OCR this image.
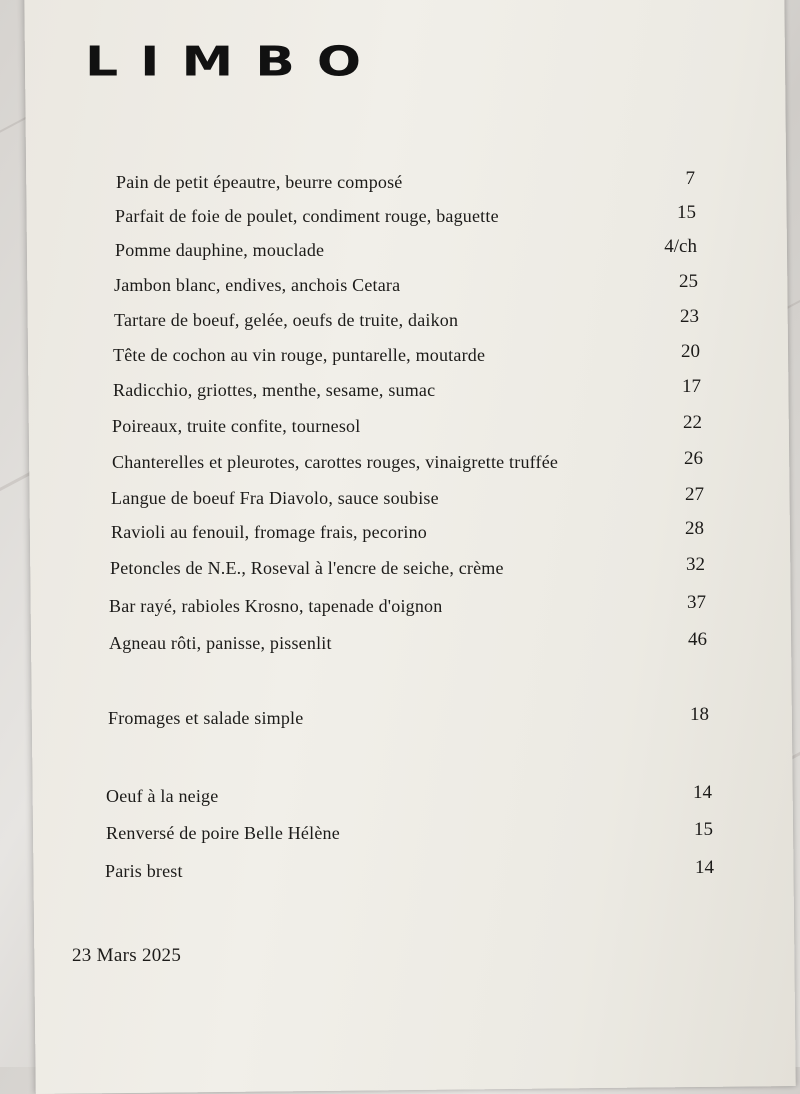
LIMBO
Pain de petit épeautre, beurre composé	7
Parfait de foie de poulet, condiment rouge, baguette	15
Pomme dauphine, mouclade	4/ch
Jambon blanc, endives, anchois Cetara	25
Tartare de boeuf, gelée, oeufs de truite, daikon	23
Tête de cochon au vin rouge, puntarelle, moutarde	20
Radicchio, griottes, menthe, sesame, sumac	17
Poireaux, truite confite, tournesol	22
Chanterelles et pleurotes, carottes rouges, vinaigrette truffée	26
Langue de boeuf Fra Diavolo, sauce soubise	27
Ravioli au fenouil, fromage frais, pecorino	28
Petoncles de N.E., Roseval à l'encre de seiche, crème	32
Bar rayé, rabioles Krosno, tapenade d'oignon	37
Agneau rôti, panisse, pissenlit	46
Fromages et salade simple	18
Oeuf à la neige	14
Renversé de poire Belle Hélène	15
Paris brest	14
23 Mars 2025
